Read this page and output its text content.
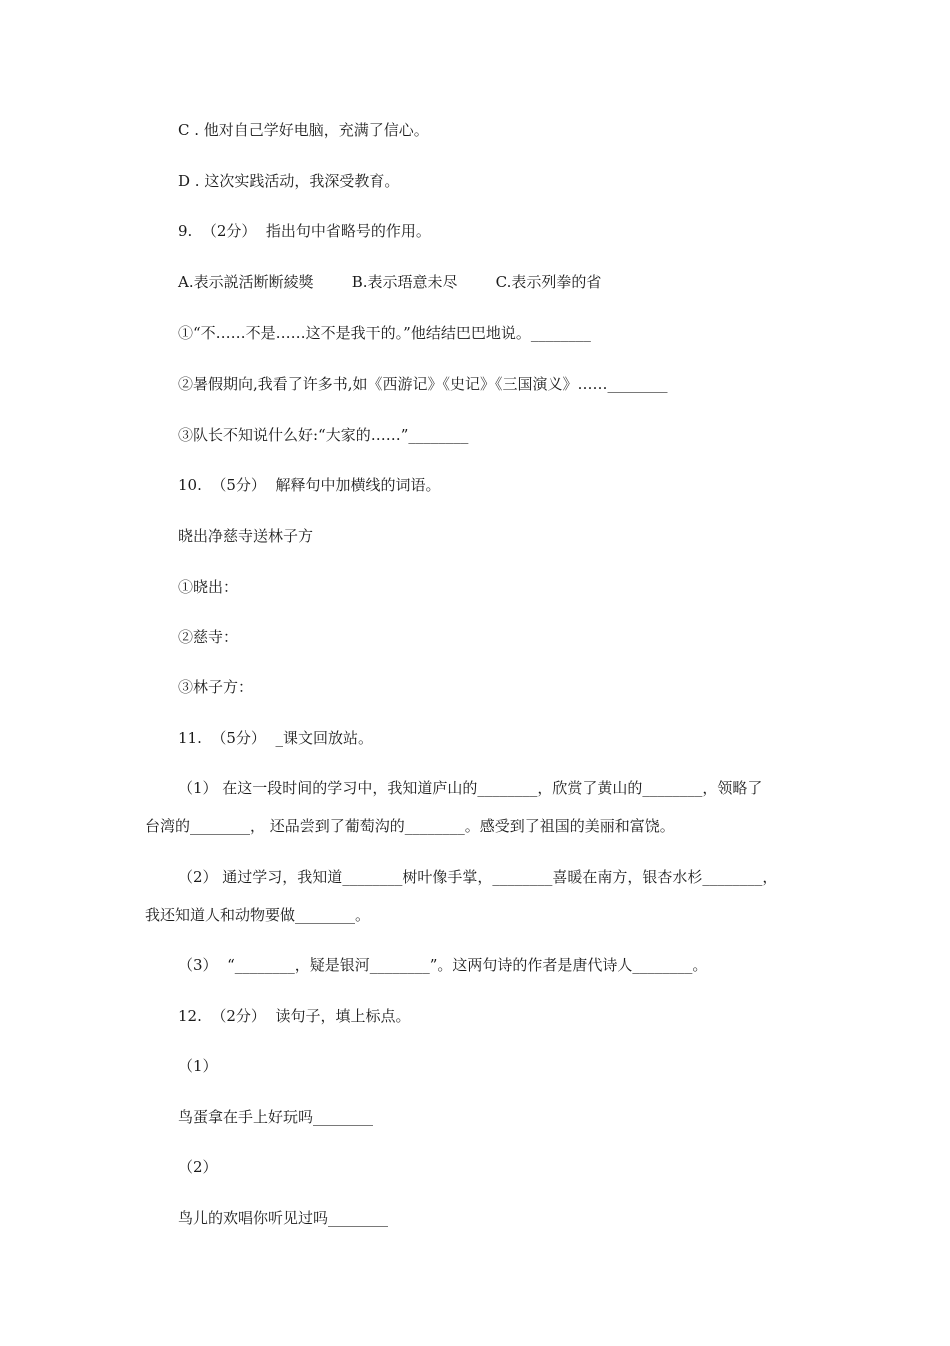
C . 他对自己学好电脑，充满了信心。
D . 这次实践活动，我深受教育。
9.  （2分）  指出句中省略号的作用。
A.表示説活断断綾獎        B.表示珸意未尽        C.表示列拳的省
①“不……不是……这不是我干的。”他结结巴巴地说。________
②暑假期向,我看了许多书,如《西游记》《史记》《三国演义》……________
③队长不知说什么好:“大家的……”________
10.  （5分）  解释句中加横线的词语。
晓出净慈寺送林子方
①晓出：
②慈寺：
③林子方：
11.  （5分）  _课文回放站。
（1） 在这一段时间的学习中，我知道庐山的________，欣赏了黄山的________，领略了
台湾的________， 还品尝到了葡萄沟的________。感受到了祖国的美丽和富饶。
（2） 通过学习，我知道________树叶像手掌，________喜暖在南方，银杏水杉________，
我还知道人和动物要做________。
（3）  “________，疑是银河________”。这两句诗的作者是唐代诗人________。
12.  （2分）  读句子，填上标点。
（1）
鸟蛋拿在手上好玩吗________
（2）
鸟儿的欢唱你听见过吗________
